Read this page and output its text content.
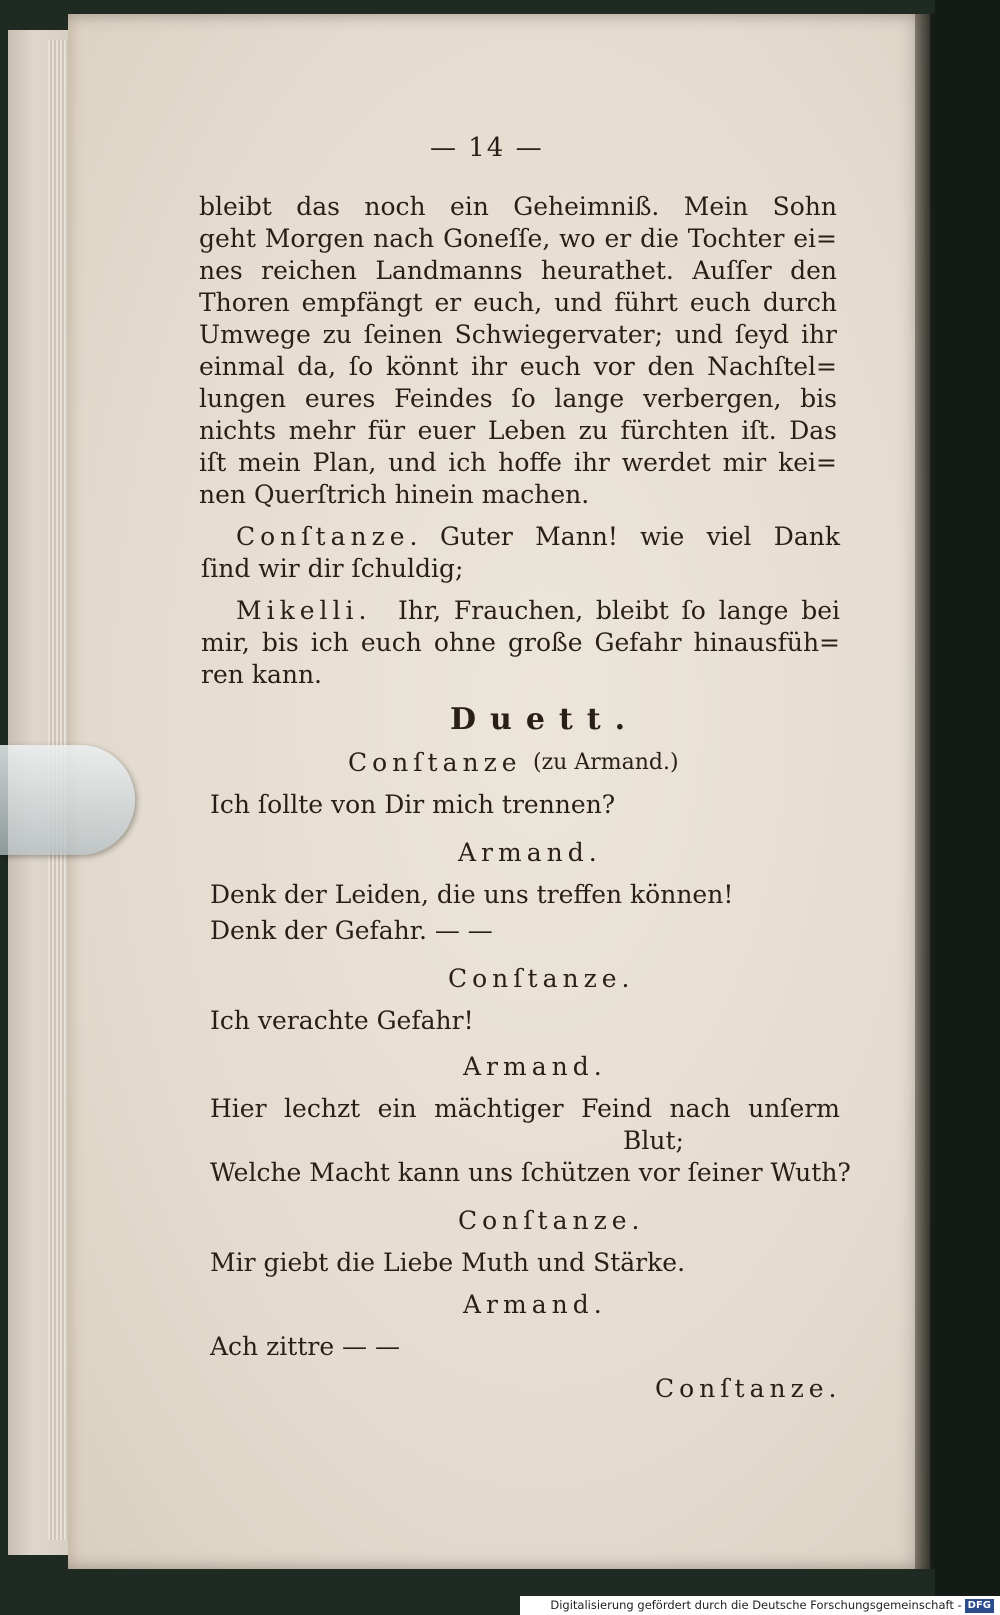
— 14 —
bleibt das noch ein Geheimniß. Mein Sohn
geht Morgen nach Goneſſe, wo er die Tochter ei=
nes reichen Landmanns heurathet. Auſſer den
Thoren empfängt er euch, und führt euch durch
Umwege zu ſeinen Schwiegervater; und ſeyd ihr
einmal da, ſo könnt ihr euch vor den Nachſtel=
lungen eures Feindes ſo lange verbergen, bis
nichts mehr für euer Leben zu fürchten iſt. Das
iſt mein Plan, und ich hoffe ihr werdet mir kei=
nen Querſtrich hinein machen.
Conſtanze. Guter Mann! wie viel Dank
ſind wir dir ſchuldig;
Mikelli. Ihr, Frauchen, bleibt ſo lange bei
mir, bis ich euch ohne große Gefahr hinausfüh=
ren kann.
Duett.
Conſtanze (zu Armand.)
Ich ſollte von Dir mich trennen?
Armand.
Denk der Leiden, die uns treffen können!
Denk der Gefahr. — —
Conſtanze.
Ich verachte Gefahr!
Armand.
Hier lechzt ein mächtiger Feind nach unſerm
Blut;
Welche Macht kann uns ſchützen vor ſeiner Wuth?
Conſtanze.
Mir giebt die Liebe Muth und Stärke.
Armand.
Ach zittre — —
Conſtanze.
Digitalisierung gefördert durch die Deutsche Forschungsgemeinschaft - DFG
